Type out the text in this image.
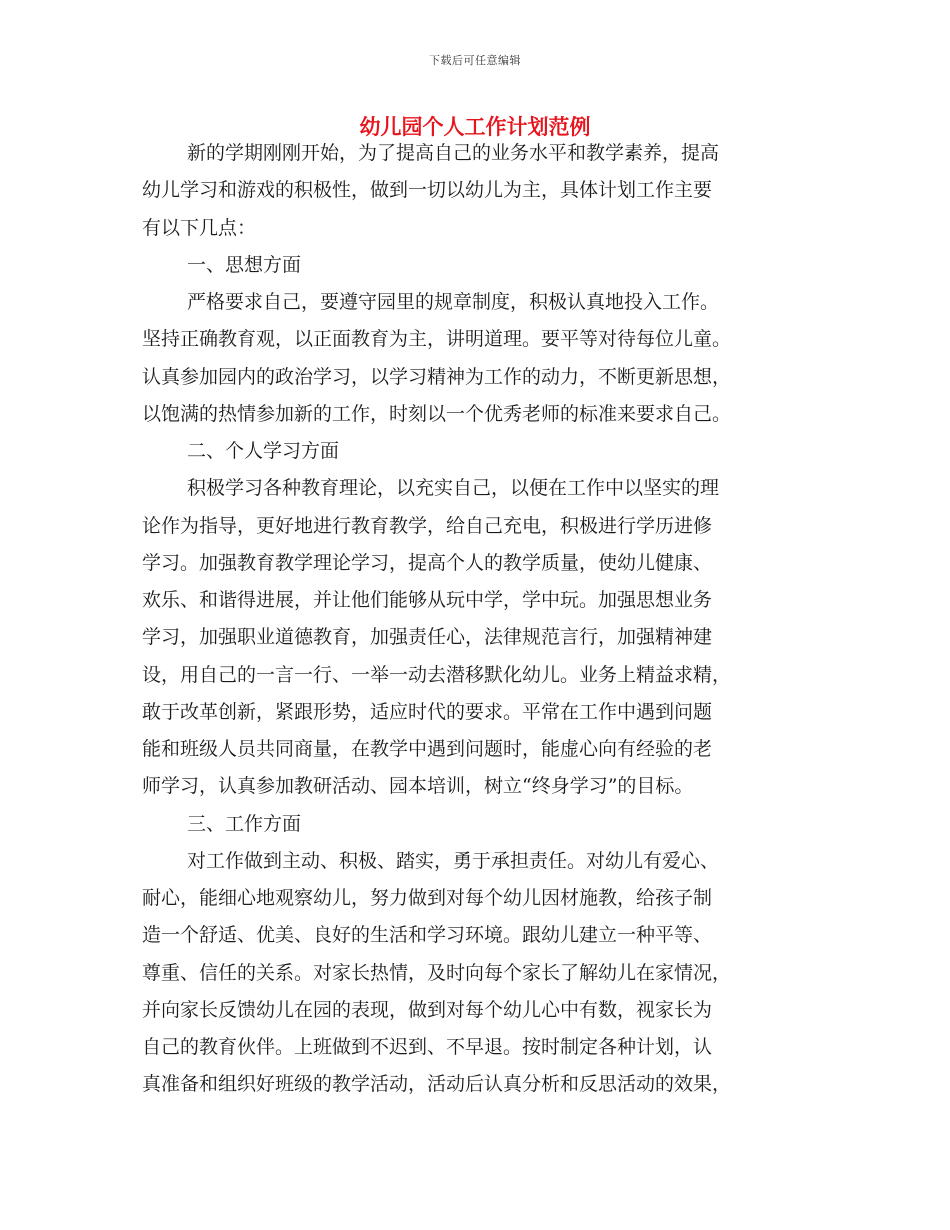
下载后可任意编辑
幼儿园个人工作计划范例
新的学期刚刚开始，为了提高自己的业务水平和教学素养，提高
幼儿学习和游戏的积极性，做到一切以幼儿为主，具体计划工作主要
有以下几点：
一、思想方面
严格要求自己，要遵守园里的规章制度，积极认真地投入工作。
坚持正确教育观，以正面教育为主，讲明道理。要平等对待每位儿童。
认真参加园内的政治学习，以学习精神为工作的动力，不断更新思想，
以饱满的热情参加新的工作，时刻以一个优秀老师的标准来要求自己。
二、个人学习方面
积极学习各种教育理论，以充实自己，以便在工作中以坚实的理
论作为指导，更好地进行教育教学，给自己充电，积极进行学历进修
学习。加强教育教学理论学习，提高个人的教学质量，使幼儿健康、
欢乐、和谐得进展，并让他们能够从玩中学，学中玩。加强思想业务
学习，加强职业道德教育，加强责任心，法律规范言行，加强精神建
设，用自己的一言一行、一举一动去潜移默化幼儿。业务上精益求精，
敢于改革创新，紧跟形势，适应时代的要求。平常在工作中遇到问题
能和班级人员共同商量，在教学中遇到问题时，能虚心向有经验的老
师学习，认真参加教研活动、园本培训，树立“终身学习”的目标。
三、工作方面
对工作做到主动、积极、踏实，勇于承担责任。对幼儿有爱心、
耐心，能细心地观察幼儿，努力做到对每个幼儿因材施教，给孩子制
造一个舒适、优美、良好的生活和学习环境。跟幼儿建立一种平等、
尊重、信任的关系。对家长热情，及时向每个家长了解幼儿在家情况，
并向家长反馈幼儿在园的表现，做到对每个幼儿心中有数，视家长为
自己的教育伙伴。上班做到不迟到、不早退。按时制定各种计划，认
真准备和组织好班级的教学活动，活动后认真分析和反思活动的效果，
